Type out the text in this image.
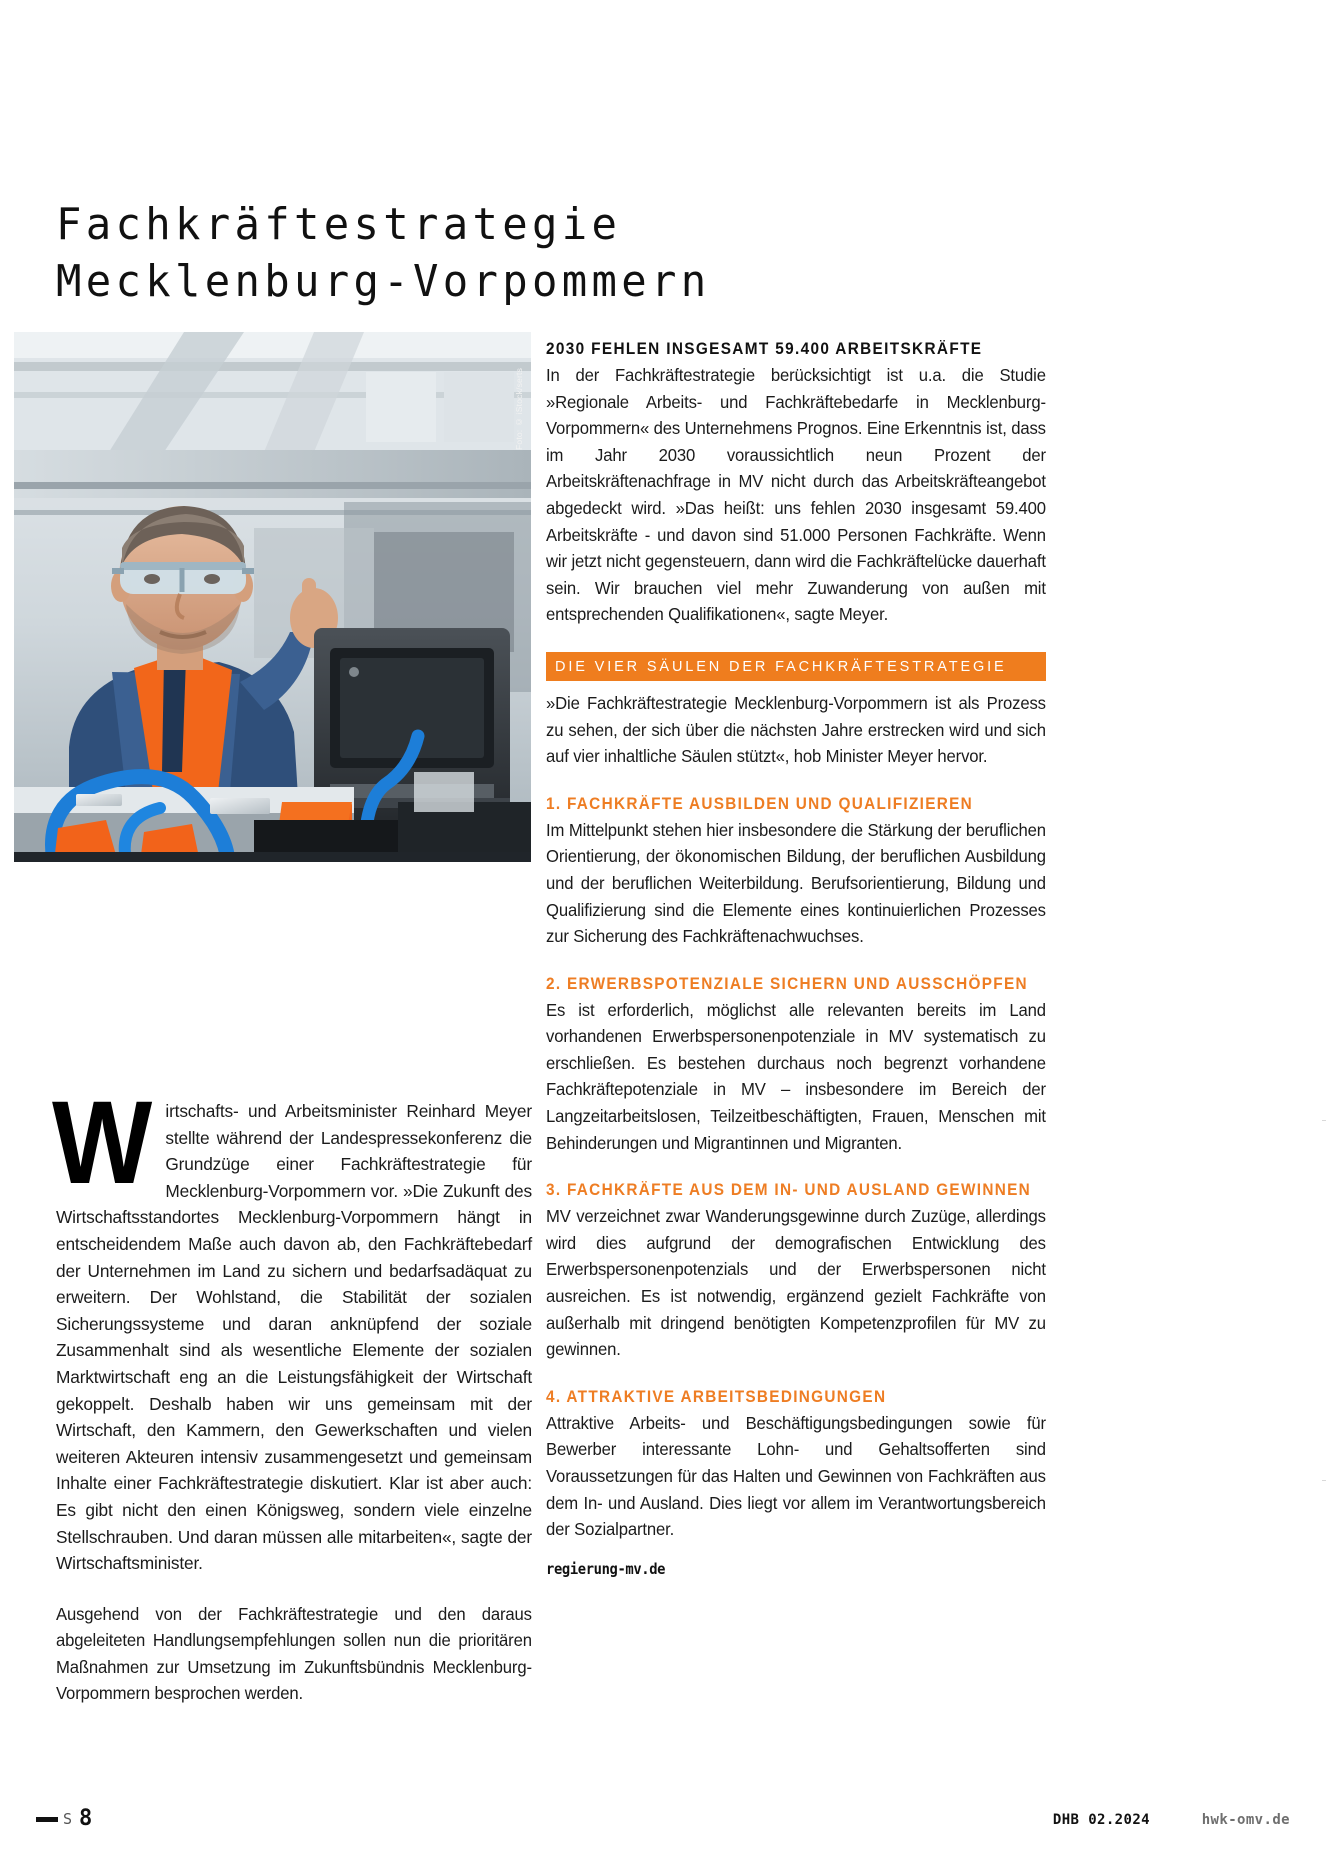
Fachkräftestrategie
Mecklenburg-Vorpommern
Foto: © iStock/serts
2030 FEHLEN INSGESAMT 59.400 ARBEITSKRÄFTE

In der Fachkräftestrategie berücksichtigt ist u.a. die Studie »Regionale Arbeits- und Fachkräftebedarfe in Mecklenburg-Vorpommern« des Unternehmens Prognos. Eine Erkenntnis ist, dass im Jahr 2030 voraussichtlich neun Prozent der Arbeitskräftenachfrage in MV nicht durch das Arbeitskräfteangebot abgedeckt wird. »Das heißt: uns fehlen 2030 insgesamt 59.400 Arbeitskräfte - und davon sind 51.000 Personen Fachkräfte. Wenn wir jetzt nicht gegensteuern, dann wird die Fachkräftelücke dauerhaft sein. Wir brauchen viel mehr Zuwanderung von außen mit entsprechenden Qualifikationen«, sagte Meyer.

DIE VIER SÄULEN DER FACHKRÄFTESTRATEGIE

»Die Fachkräftestrategie Mecklenburg-Vorpommern ist als Prozess zu sehen, der sich über die nächsten Jahre erstrecken wird und sich auf vier inhaltliche Säulen stützt«, hob Minister Meyer hervor.

1. FACHKRÄFTE AUSBILDEN UND QUALIFIZIEREN

Im Mittelpunkt stehen hier insbesondere die Stärkung der beruflichen Orientierung, der ökonomischen Bildung, der beruflichen Ausbildung und der beruflichen Weiterbildung. Berufsorientierung, Bildung und Qualifizierung sind die Elemente eines kontinuierlichen Prozesses zur Sicherung des Fachkräftenachwuchses.

2. ERWERBSPOTENZIALE SICHERN UND AUSSCHÖPFEN

Es ist erforderlich, möglichst alle relevanten bereits im Land vorhandenen Erwerbspersonenpotenziale in MV systematisch zu erschließen. Es bestehen durchaus noch begrenzt vorhandene Fachkräftepotenziale in MV – insbesondere im Bereich der Langzeitarbeitslosen, Teilzeitbeschäftigten, Frauen, Menschen mit Behinderungen und Migrantinnen und Migranten.

3. FACHKRÄFTE AUS DEM IN- UND AUSLAND GEWINNEN

MV verzeichnet zwar Wanderungsgewinne durch Zuzüge, allerdings wird dies aufgrund der demografischen Entwicklung des Erwerbspersonenpotenzials und der Erwerbspersonen nicht ausreichen. Es ist notwendig, ergänzend gezielt Fachkräfte von außerhalb mit dringend benötigten Kompetenzprofilen für MV zu gewinnen.

4. ATTRAKTIVE ARBEITSBEDINGUNGEN

Attraktive Arbeits- und Beschäftigungsbedingungen sowie für Bewerber interessante Lohn- und Gehaltsofferten sind Voraussetzungen für das Halten und Gewinnen von Fachkräften aus dem In- und Ausland. Dies liegt vor allem im Verantwortungsbereich der Sozialpartner.

regierung-mv.de

Wirtschafts- und Arbeitsminister Reinhard Meyer stellte während der Landespressekonferenz die Grundzüge einer Fachkräftestrategie für Mecklenburg-Vorpommern vor. »Die Zukunft des Wirtschaftsstandortes Mecklenburg-Vorpommern hängt in entscheidendem Maße auch davon ab, den Fachkräftebedarf der Unternehmen im Land zu sichern und bedarfsadäquat zu erweitern. Der Wohlstand, die Stabilität der sozialen Sicherungssysteme und daran anknüpfend der soziale Zusammenhalt sind als wesentliche Elemente der sozialen Marktwirtschaft eng an die Leistungsfähigkeit der Wirtschaft gekoppelt. Deshalb haben wir uns gemeinsam mit der Wirtschaft, den Kammern, den Gewerkschaften und vielen weiteren Akteuren intensiv zusammengesetzt und gemeinsam Inhalte einer Fachkräftestrategie diskutiert. Klar ist aber auch: Es gibt nicht den einen Königsweg, sondern viele einzelne Stellschrauben. Und daran müssen alle mitarbeiten«, sagte der Wirtschaftsminister.

Ausgehend von der Fachkräftestrategie und den daraus abgeleiteten Handlungsempfehlungen sollen nun die prioritären Maßnahmen zur Umsetzung im Zukunftsbündnis Mecklenburg-Vorpommern besprochen werden.

S 8	DHB 02.2024	hwk-omv.de
